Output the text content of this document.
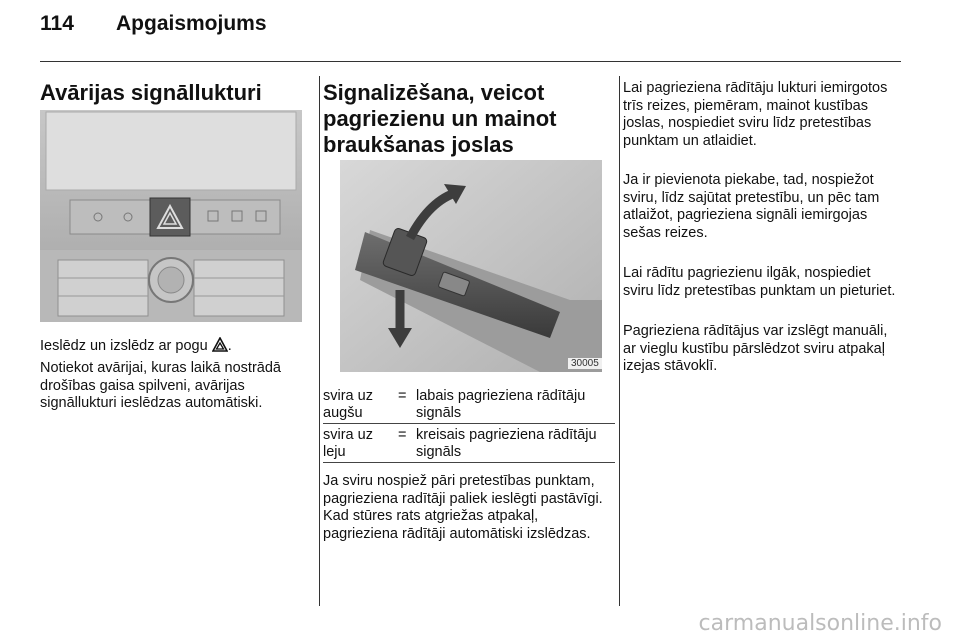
114 Apgaismojums
Avārijas signāllukturi

Ieslēdz un izslēdz ar pogu .

Notiekot avārijai, kuras laikā nostrādā drošības gaisa spilveni, avārijas signāllukturi ieslēdzas automātiski.

Signalizēšana, veicot pagriezienu un mainot braukšanas joslas
30005
svira uz augšu
= labais pagrieziena rādītāju signāls
svira uz leju
= kreisais pagrieziena rādītāju signāls

Ja sviru nospiež pāri pretestības punktam, pagrieziena radītāji paliek ieslēgti pastāvīgi. Kad stūres rats atgriežas atpakaļ, pagrieziena rādītāji automātiski izslēdzas.

Lai pagrieziena rādītāju lukturi iemirgotos trīs reizes, piemēram, mainot kustības joslas, nospiediet sviru līdz pretestības punktam un atlaidiet.

Ja ir pievienota piekabe, tad, nospiežot sviru, līdz sajūtat pretestību, un pēc tam atlaižot, pagrieziena signāli iemirgojas sešas reizes.

Lai rādītu pagriezienu ilgāk, nospiediet sviru līdz pretestības punktam un pieturiet.

Pagrieziena rādītājus var izslēgt manuāli, ar vieglu kustību pārslēdzot sviru atpakaļ izejas stāvoklī.

carmanualsonline.info
